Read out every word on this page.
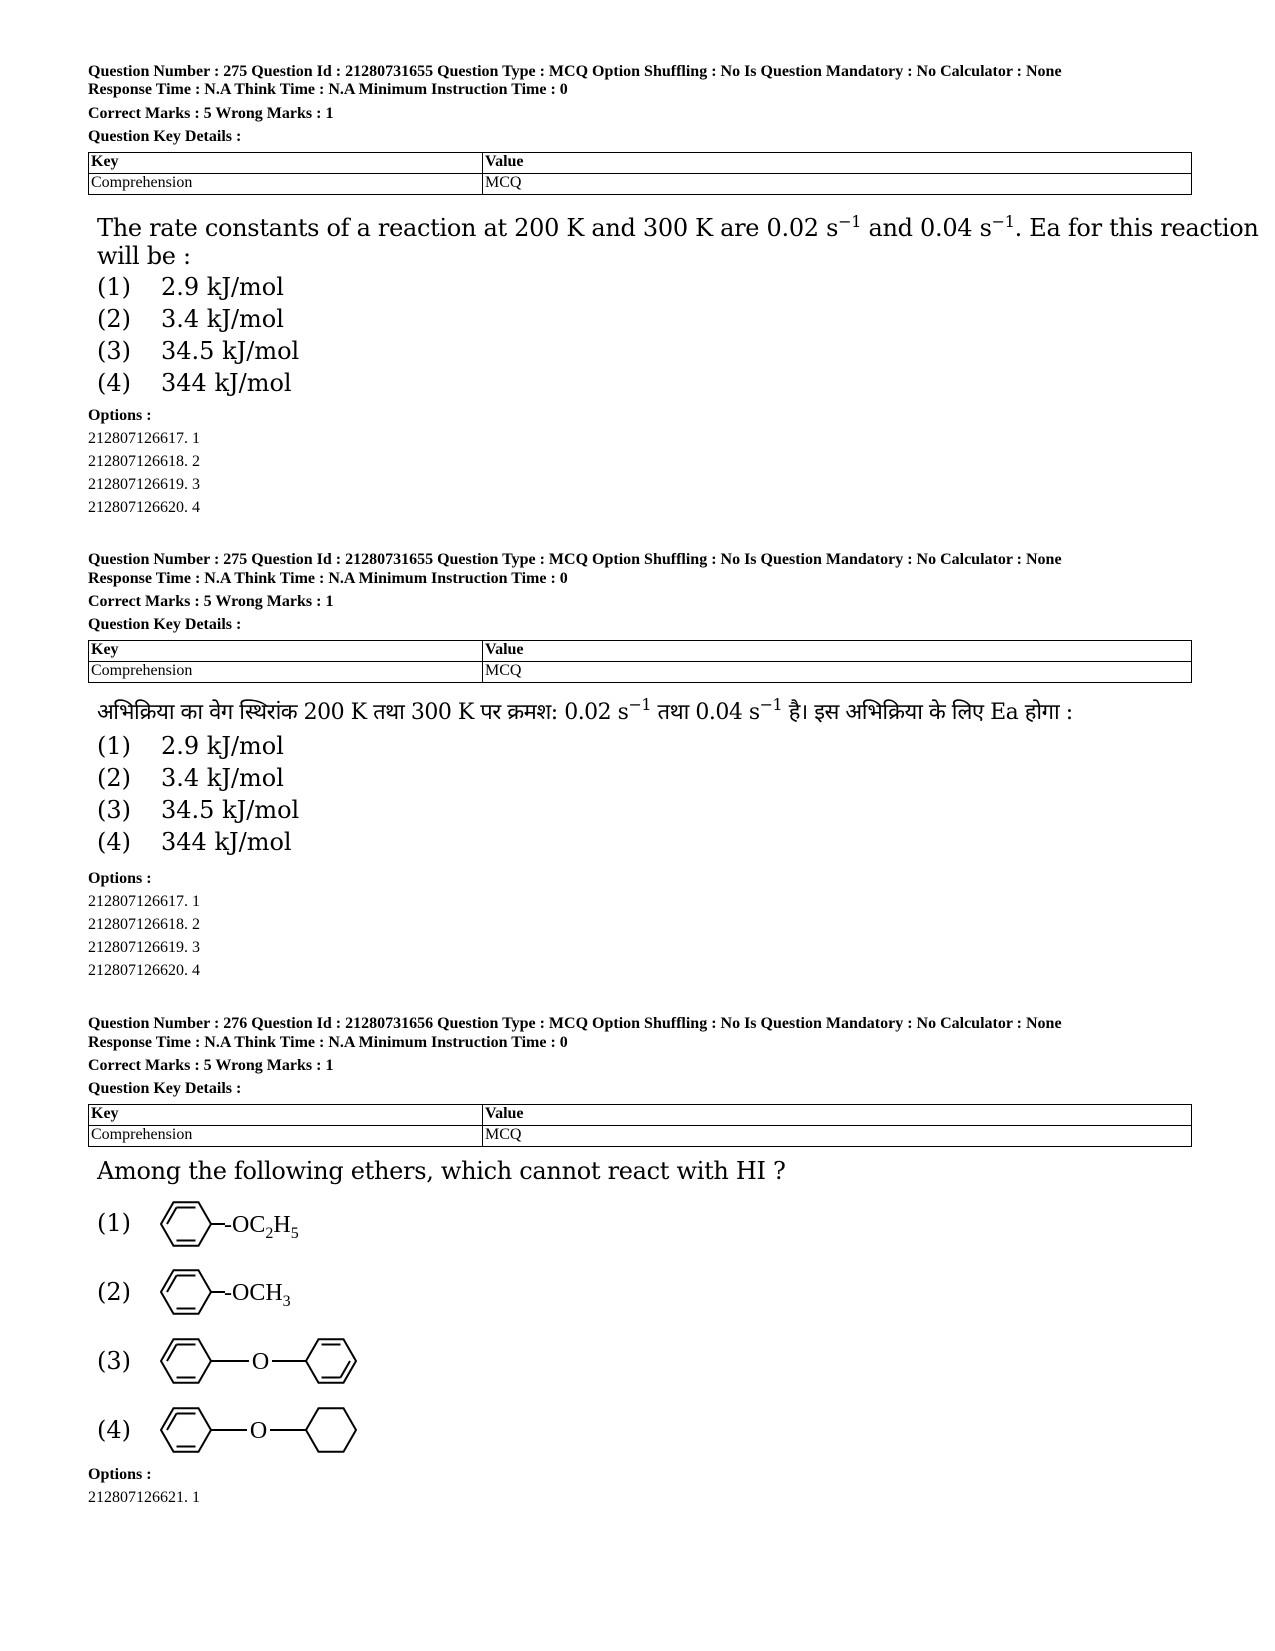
Question Number : 275 Question Id : 21280731655 Question Type : MCQ Option Shuffling : No Is Question Mandatory : No Calculator : None
Response Time : N.A Think Time : N.A Minimum Instruction Time : 0
Correct Marks : 5 Wrong Marks : 1
Question Key Details :
Key	Value
Comprehension	MCQ
The rate constants of a reaction at 200 K and 300 K are 0.02 $s^{-1}$ and 0.04 $s^{-1}$. Ea for this reaction
will be :
(1) 2.9 kJ/mol
(2) 3.4 kJ/mol
(3) 34.5 kJ/mol
(4) 344 kJ/mol
Options :
212807126617. 1
212807126618. 2
212807126619. 3
212807126620. 4
Question Number : 275 Question Id : 21280731655 Question Type : MCQ Option Shuffling : No Is Question Mandatory : No Calculator : None
Response Time : N.A Think Time : N.A Minimum Instruction Time : 0
Correct Marks : 5 Wrong Marks : 1
Question Key Details :
Key	Value
Comprehension	MCQ
अभिक्रिया का वेग स्थिरांक 200 K तथा 300 K पर क्रमश: 0.02 $s^{-1}$ तथा 0.04 $s^{-1}$ है। इस अभिक्रिया के लिए Ea होगा :
(1) 2.9 kJ/mol
(2) 3.4 kJ/mol
(3) 34.5 kJ/mol
(4) 344 kJ/mol
Options :
212807126617. 1
212807126618. 2
212807126619. 3
212807126620. 4
Question Number : 276 Question Id : 21280731656 Question Type : MCQ Option Shuffling : No Is Question Mandatory : No Calculator : None
Response Time : N.A Think Time : N.A Minimum Instruction Time : 0
Correct Marks : 5 Wrong Marks : 1
Question Key Details :
Key	Value
Comprehension	MCQ
Among the following ethers, which cannot react with HI ?
(1)	$-OC_2H_5$
(2)	$-OCH_3$
(3)	O
(4)	O
Options :
212807126621. 1
